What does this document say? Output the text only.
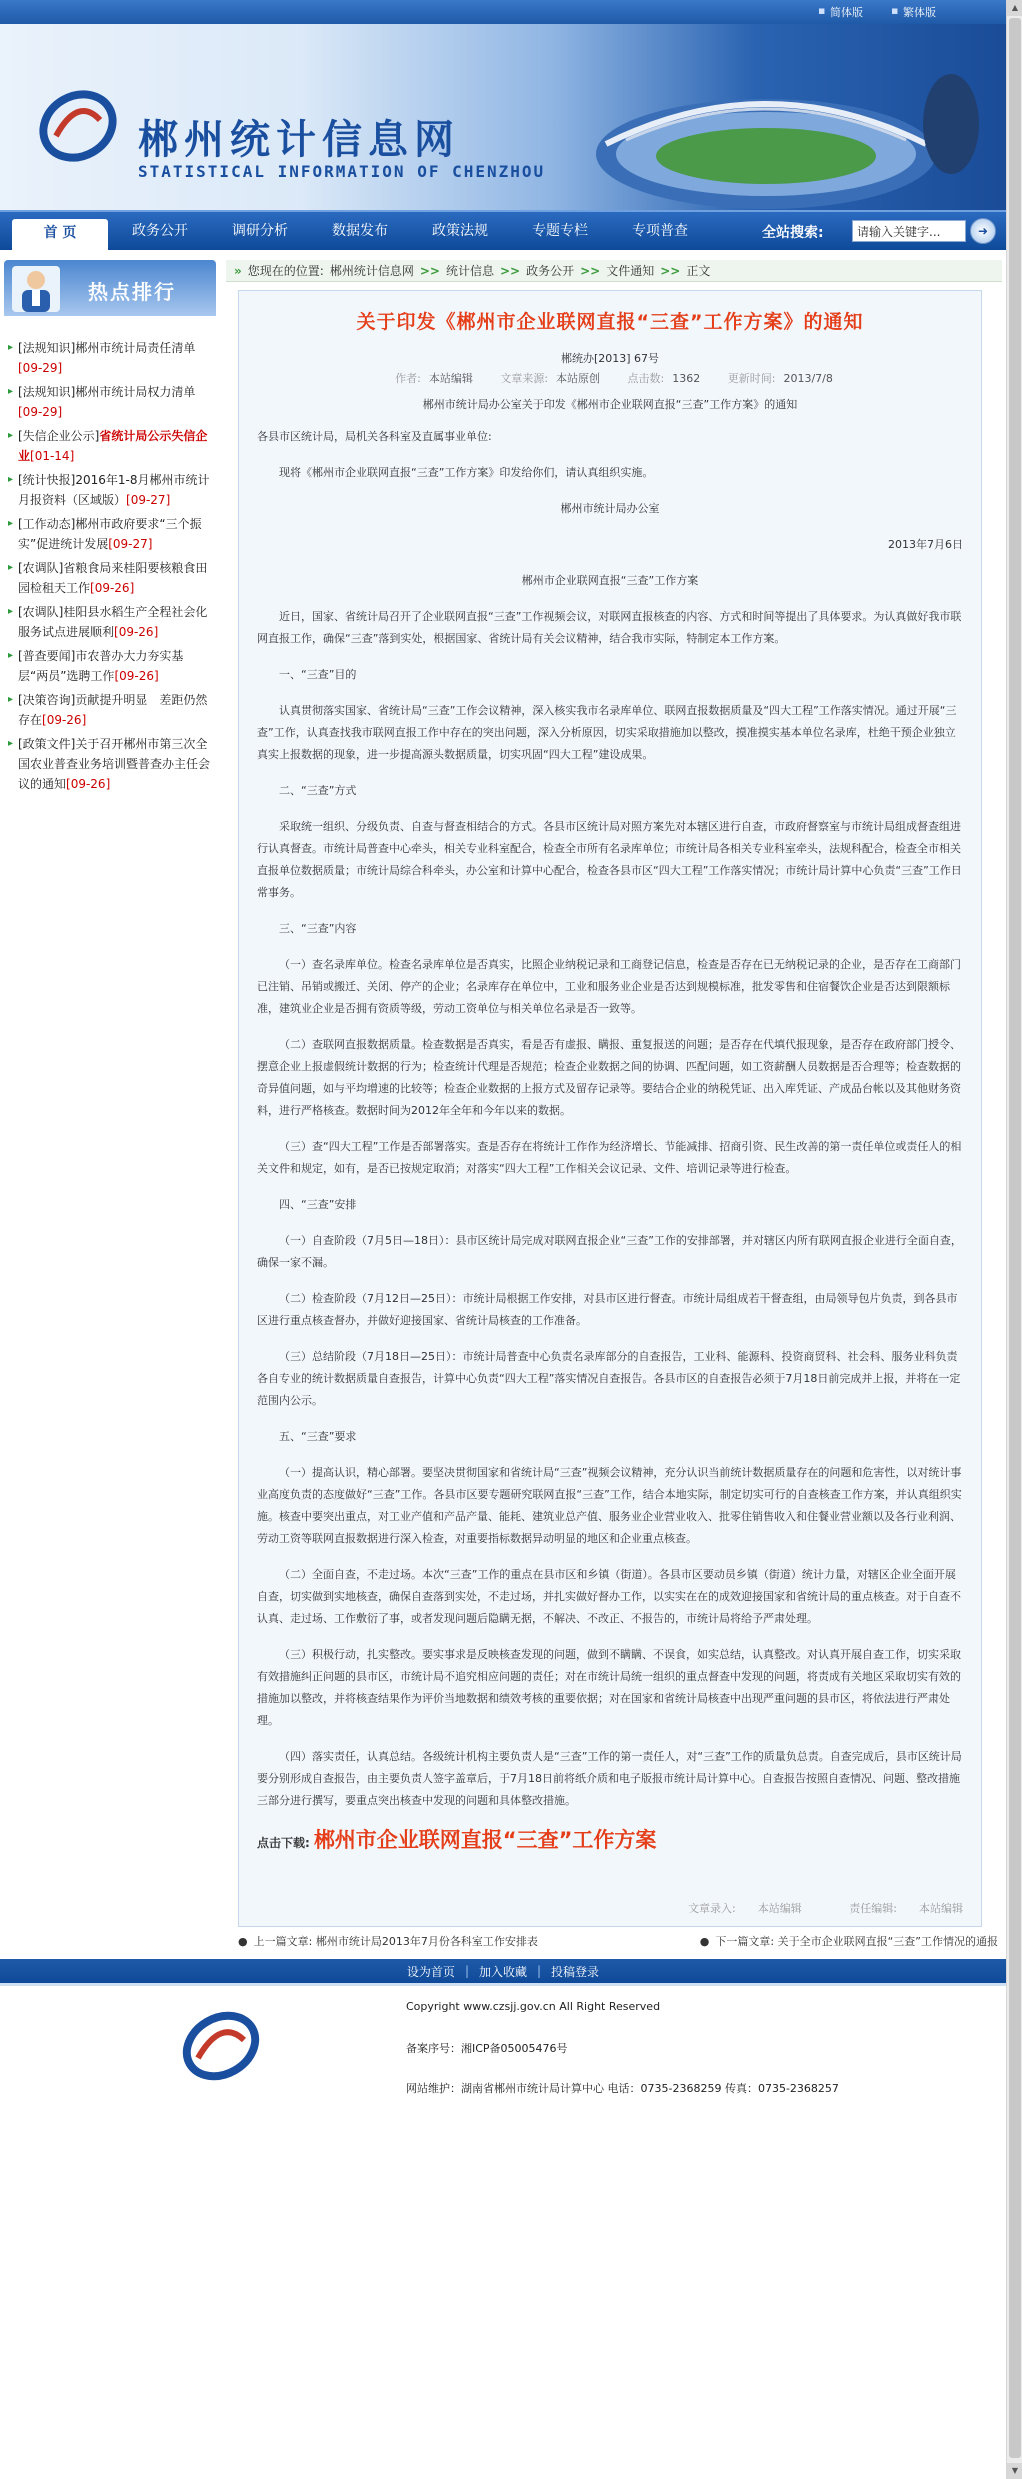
▪ 简体版
▪	繁体版
郴州统计信息网
STATISTICAL INFORMATION OF CHENZHOU
首 页	政务公开	调研分析	数据发布	政策法规	专题专栏	专项普查	全站搜索:
请输入关键字...	➜
热点排行
▸ [法规知识]郴州市统计局责任清单[09-29]
▸ [法规知识]郴州市统计局权力清单[09-29]
▸ [失信企业公示]省统计局公示失信企业[01-14]
▸ [统计快报]2016年1-8月郴州市统计月报资料（区域版）[09-27]
▸ [工作动态]郴州市政府要求“三个振实”促进统计发展[09-27]
▸ [农调队]省粮食局来桂阳要核粮食田园检租天工作[09-26]
▸ [农调队]桂阳县水稻生产全程社会化服务试点进展顺利[09-26]
▸ [普查要闻]市农普办大力夯实基层“两员”选聘工作[09-26]
▸ [决策咨询]贡献提升明显　差距仍然存在[09-26]
▸ [政策文件]关于召开郴州市第三次全国农业普查业务培训暨普查办主任会议的通知[09-26]
» 您现在的位置: 郴州统计信息网 >> 统计信息 >> 政务公开 >> 文件通知 >> 正文
关于印发《郴州市企业联网直报“三查”工作方案》的通知
郴统办[2013] 67号
作者: 本站编辑	文章来源: 本站原创	点击数: 1362	更新时间: 2013/7/8
郴州市统计局办公室关于印发《郴州市企业联网直报“三查”工作方案》的通知
各县市区统计局，局机关各科室及直属事业单位:
现将《郴州市企业联网直报“三查”工作方案》印发给你们，请认真组织实施。
郴州市统计局办公室
2013年7月6日
郴州市企业联网直报“三查”工作方案
近日，国家、省统计局召开了企业联网直报“三查”工作视频会议，对联网直报核查的内容、方式和时间等提出了具体要求。为认真做好我市联网直报工作，确保“三查”落到实处，根据国家、省统计局有关会议精神，结合我市实际，特制定本工作方案。
一、“三查”目的
认真贯彻落实国家、省统计局“三查”工作会议精神，深入核实我市名录库单位、联网直报数据质量及“四大工程”工作落实情况。通过开展“三查”工作，认真查找我市联网直报工作中存在的突出问题，深入分析原因，切实采取措施加以整改，摸准摸实基本单位名录库，杜绝干预企业独立真实上报数据的现象，进一步提高源头数据质量，切实巩固“四大工程”建设成果。
二、“三查”方式
采取统一组织、分级负责、自查与督查相结合的方式。各县市区统计局对照方案先对本辖区进行自查，市政府督察室与市统计局组成督查组进行认真督查。市统计局普查中心牵头，相关专业科室配合，检查全市所有名录库单位；市统计局各相关专业科室牵头，法规科配合，检查全市相关直报单位数据质量；市统计局综合科牵头，办公室和计算中心配合，检查各县市区“四大工程”工作落实情况；市统计局计算中心负责“三查”工作日常事务。
三、“三查”内容
（一）查名录库单位。检查名录库单位是否真实，比照企业纳税记录和工商登记信息，检查是否存在已无纳税记录的企业，是否存在工商部门已注销、吊销或搬迁、关闭、停产的企业；名录库存在单位中，工业和服务业企业是否达到规模标准，批发零售和住宿餐饮企业是否达到限额标准，建筑业企业是否拥有资质等级，劳动工资单位与相关单位名录是否一致等。
（二）查联网直报数据质量。检查数据是否真实，看是否有虚报、瞒报、重复报送的问题；是否存在代填代报现象，是否存在政府部门授令、摆意企业上报虚假统计数据的行为；检查统计代理是否规范；检查企业数据之间的协调、匹配问题，如工资薪酬人员数据是否合理等；检查数据的奇异值问题，如与平均增速的比较等；检查企业数据的上报方式及留存记录等。要结合企业的纳税凭证、出入库凭证、产成品台帐以及其他财务资料，进行严格核查。数据时间为2012年全年和今年以来的数据。
（三）查“四大工程”工作是否部署落实。查是否存在将统计工作作为经济增长、节能减排、招商引资、民生改善的第一责任单位或责任人的相关文件和规定，如有，是否已按规定取消；对落实“四大工程”工作相关会议记录、文件、培训记录等进行检查。
四、“三查”安排
（一）自查阶段（7月5日—18日）：县市区统计局完成对联网直报企业“三查”工作的安排部署，并对辖区内所有联网直报企业进行全面自查，确保一家不漏。
（二）检查阶段（7月12日—25日）：市统计局根据工作安排，对县市区进行督查。市统计局组成若干督查组，由局领导包片负责，到各县市区进行重点核查督办，并做好迎接国家、省统计局核查的工作准备。
（三）总结阶段（7月18日—25日）：市统计局普查中心负责名录库部分的自查报告，工业科、能源科、投资商贸科、社会科、服务业科负责各自专业的统计数据质量自查报告，计算中心负责“四大工程”落实情况自查报告。各县市区的自查报告必须于7月18日前完成并上报，并将在一定范围内公示。
五、“三查”要求
（一）提高认识，精心部署。要坚决贯彻国家和省统计局“三查”视频会议精神，充分认识当前统计数据质量存在的问题和危害性，以对统计事业高度负责的态度做好“三查”工作。各县市区要专题研究联网直报“三查”工作，结合本地实际，制定切实可行的自查核查工作方案，并认真组织实施。核查中要突出重点，对工业产值和产品产量、能耗、建筑业总产值、服务业企业营业收入、批零住销售收入和住餐业营业额以及各行业利润、劳动工资等联网直报数据进行深入检查，对重要指标数据异动明显的地区和企业重点核查。
（二）全面自查，不走过场。本次“三查”工作的重点在县市区和乡镇（街道）。各县市区要动员乡镇（街道）统计力量，对辖区企业全面开展自查，切实做到实地核查，确保自查落到实处，不走过场，并扎实做好督办工作，以实实在在的成效迎接国家和省统计局的重点核查。对于自查不认真、走过场、工作敷衍了事，或者发现问题后隐瞒无据，不解决、不改正、不报告的，市统计局将给予严肃处理。
（三）积极行动，扎实整改。要实事求是反映核查发现的问题，做到不瞒瞒、不误食，如实总结，认真整改。对认真开展自查工作，切实采取有效措施纠正问题的县市区，市统计局不追究相应问题的责任；对在市统计局统一组织的重点督查中发现的问题，将责成有关地区采取切实有效的措施加以整改，并将核查结果作为评价当地数据和绩效考核的重要依据；对在国家和省统计局核查中出现严重问题的县市区，将依法进行严肃处理。
（四）落实责任，认真总结。各级统计机构主要负责人是“三查”工作的第一责任人，对“三查”工作的质量负总责。自查完成后，县市区统计局要分别形成自查报告，由主要负责人签字盖章后，于7月18日前将纸介质和电子版报市统计局计算中心。自查报告按照自查情况、问题、整改措施三部分进行撰写，要重点突出核查中发现的问题和具体整改措施。
点击下载: 郴州市企业联网直报“三查”工作方案
文章录入: 本站编辑	责任编辑: 本站编辑
● 上一篇文章: 郴州市统计局2013年7月份各科室工作安排表	● 下一篇文章: 关于全市企业联网直报“三查”工作情况的通报
设为首页 | 加入收藏 | 投稿登录
Copyright www.czsjj.gov.cn All Right Reserved
备案序号：湘ICP备05005476号
网站维护：湖南省郴州市统计局计算中心 电话：0735-2368259 传真：0735-2368257
▲
▼
